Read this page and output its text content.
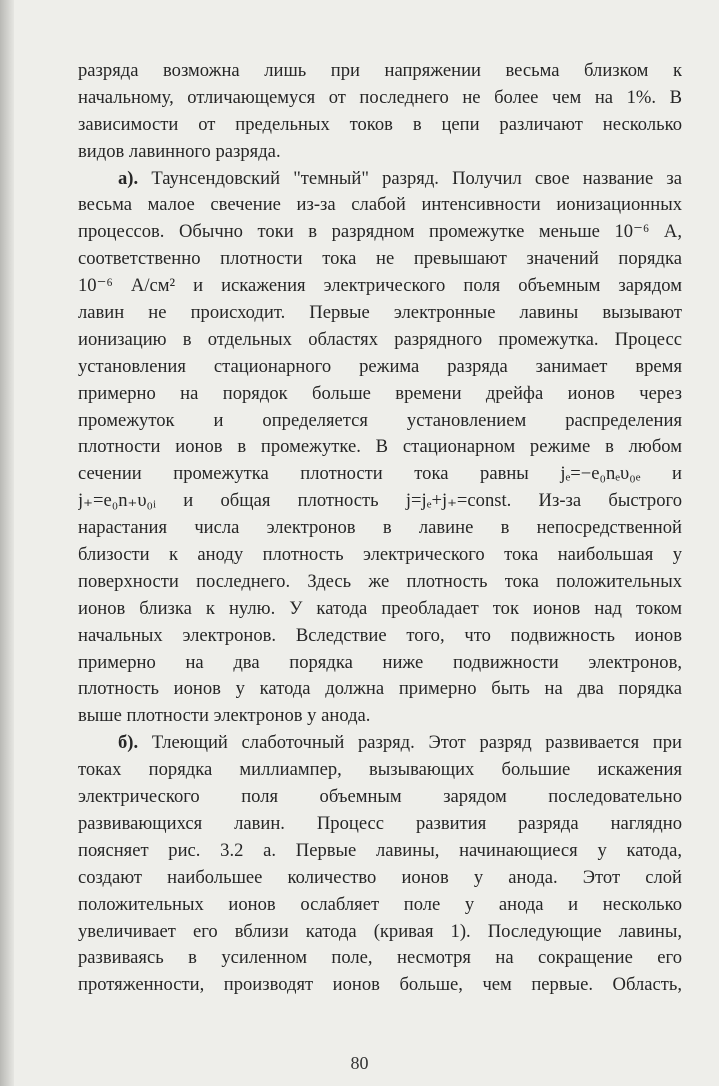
разряда возможна лишь при напряжении весьма близком к
начальному, отличающемуся от последнего не более чем на 1%. В
зависимости от предельных токов в цепи различают несколько
видов лавинного разряда.
а). Таунсендовский "темный" разряд. Получил свое название за
весьма малое свечение из-за слабой интенсивности ионизационных
процессов. Обычно токи в разрядном промежутке меньше 10⁻⁶ А,
соответственно плотности тока не превышают значений порядка
10⁻⁶ А/см² и искажения электрического поля объемным зарядом
лавин не происходит. Первые электронные лавины вызывают
ионизацию в отдельных областях разрядного промежутка. Процесс
установления стационарного режима разряда занимает время
примерно на порядок больше времени дрейфа ионов через
промежуток и определяется установлением распределения
плотности ионов в промежутке. В стационарном режиме в любом
сечении промежутка плотности тока равны jₑ=−e₀nₑυ₀ₑ и
j₊=e₀n₊υ₀ᵢ и общая плотность j=jₑ+j₊=const. Из-за быстрого
нарастания числа электронов в лавине в непосредственной
близости к аноду плотность электрического тока наибольшая у
поверхности последнего. Здесь же плотность тока положительных
ионов близка к нулю. У катода преобладает ток ионов над током
начальных электронов. Вследствие того, что подвижность ионов
примерно на два порядка ниже подвижности электронов,
плотность ионов у катода должна примерно быть на два порядка
выше плотности электронов у анода.
б). Тлеющий слаботочный разряд. Этот разряд развивается при
токах порядка миллиампер, вызывающих большие искажения
электрического поля объемным зарядом последовательно
развивающихся лавин. Процесс развития разряда наглядно
поясняет рис. 3.2 а. Первые лавины, начинающиеся у катода,
создают наибольшее количество ионов у анода. Этот слой
положительных ионов ослабляет поле у анода и несколько
увеличивает его вблизи катода (кривая 1). Последующие лавины,
развиваясь в усиленном поле, несмотря на сокращение его
протяженности, производят ионов больше, чем первые. Область,
80
